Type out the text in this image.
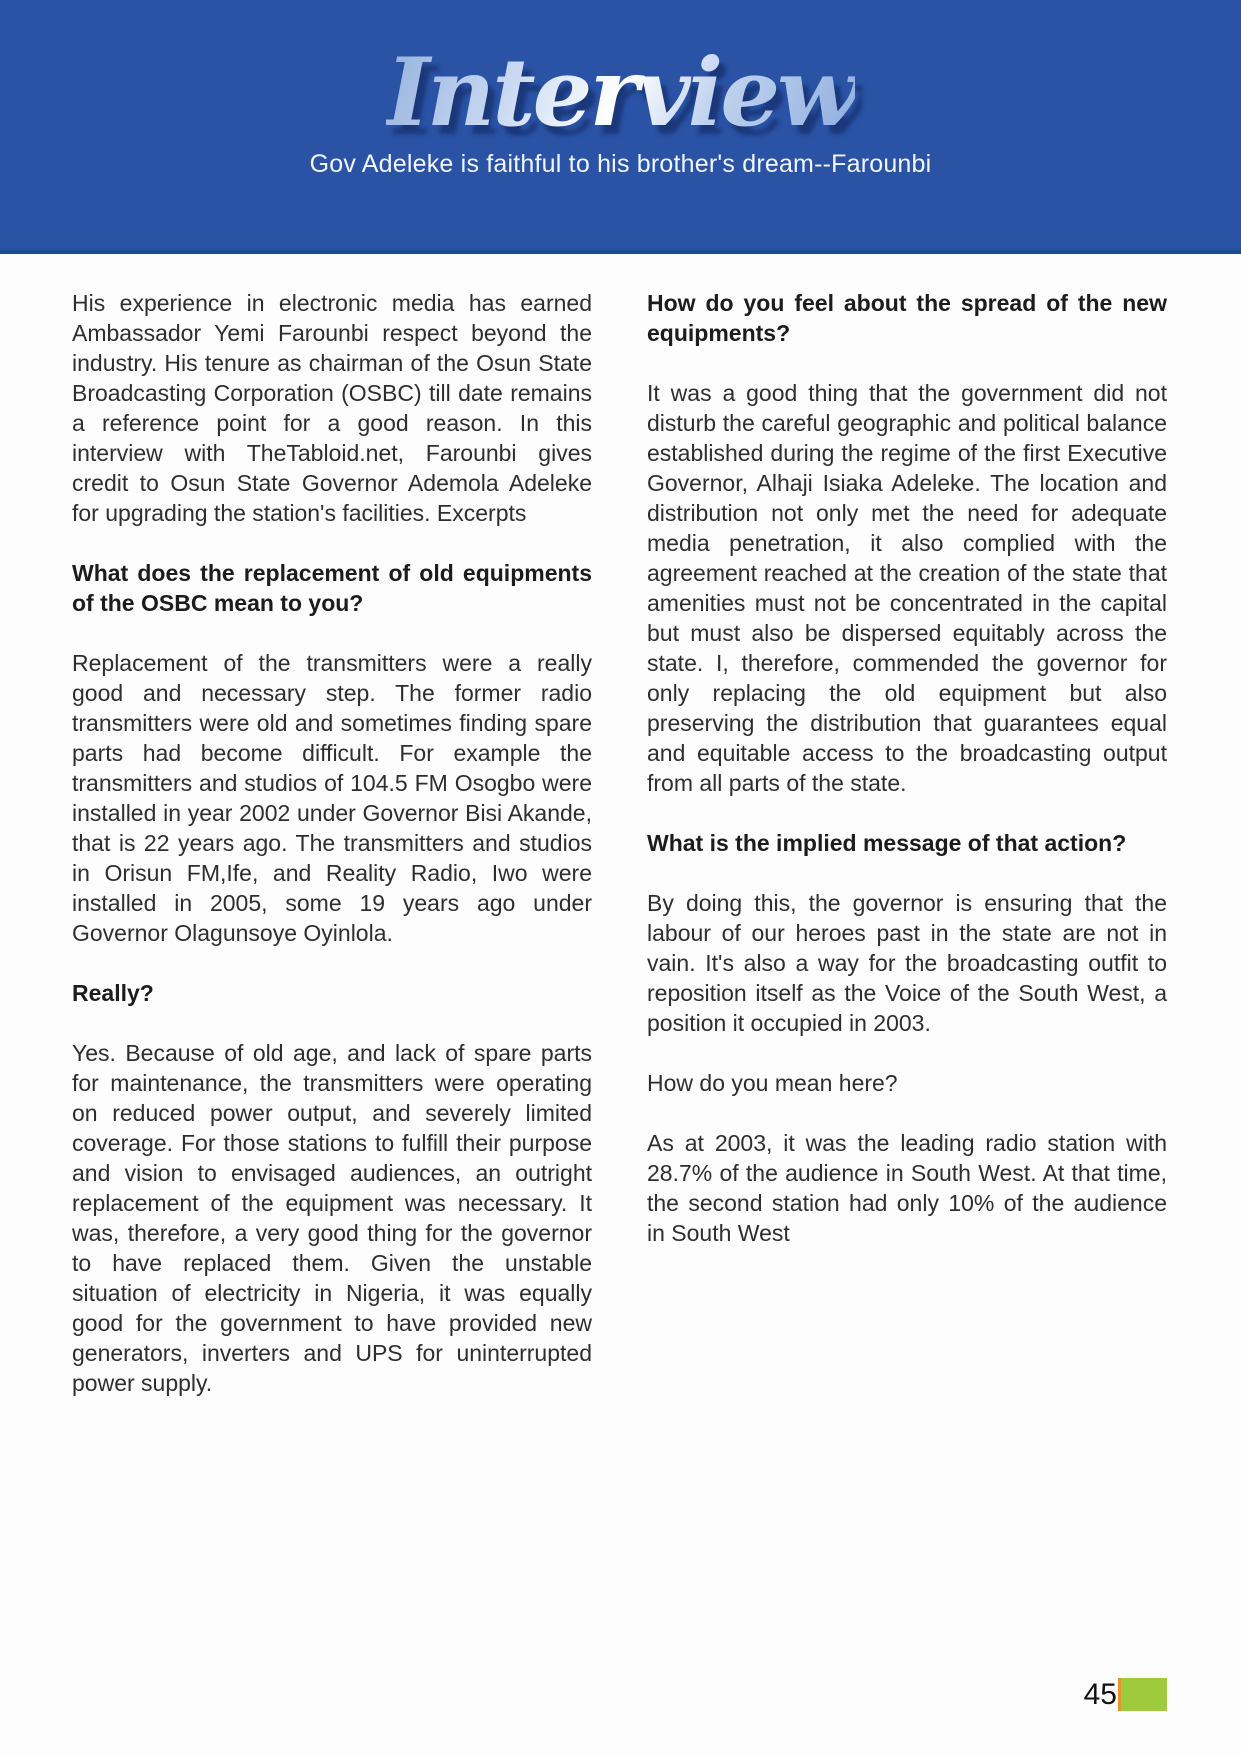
Interview
Gov Adeleke is faithful to his brother's dream--Farounbi

His experience in electronic media has earned Ambassador Yemi Farounbi respect beyond the industry. His tenure as chairman of the Osun State Broadcasting Corporation (OSBC) till date remains a reference point for a good reason. In this interview with TheTabloid.net, Farounbi gives credit to Osun State Governor Ademola Adeleke for upgrading the station's facilities. Excerpts

What does the replacement of old equipments of the OSBC mean to you?

Replacement of the transmitters were a really good and necessary step. The former radio transmitters were old and sometimes finding spare parts had become difficult. For example the transmitters and studios of 104.5 FM Osogbo were installed in year 2002 under Governor Bisi Akande, that is 22 years ago. The transmitters and studios in Orisun FM,Ife, and Reality Radio, Iwo were installed in 2005, some 19 years ago under Governor Olagunsoye Oyinlola.

Really?

Yes. Because of old age, and lack of spare parts for maintenance, the transmitters were operating on reduced power output, and severely limited coverage. For those stations to fulfill their purpose and vision to envisaged audiences, an outright replacement of the equipment was necessary. It was, therefore, a very good thing for the governor to have replaced them. Given the unstable situation of electricity in Nigeria, it was equally good for the government to have provided new generators, inverters and UPS for uninterrupted power supply.

How do you feel about the spread of the new equipments?

It was a good thing that the government did not disturb the careful geographic and political balance established during the regime of the first Executive Governor, Alhaji Isiaka Adeleke. The location and distribution not only met the need for adequate media penetration, it also complied with the agreement reached at the creation of the state that amenities must not be concentrated in the capital but must also be dispersed equitably across the state. I, therefore, commended the governor for only replacing the old equipment but also preserving the distribution that guarantees equal and equitable access to the broadcasting output from all parts of the state.

What is the implied message of that action?

By doing this, the governor is ensuring that the labour of our heroes past in the state are not in vain. It's also a way for the broadcasting outfit to reposition itself as the Voice of the South West, a position it occupied in 2003.

How do you mean here?

As at 2003, it was the leading radio station with 28.7% of the audience in South West. At that time, the second station had only 10% of the audience in South West

45
